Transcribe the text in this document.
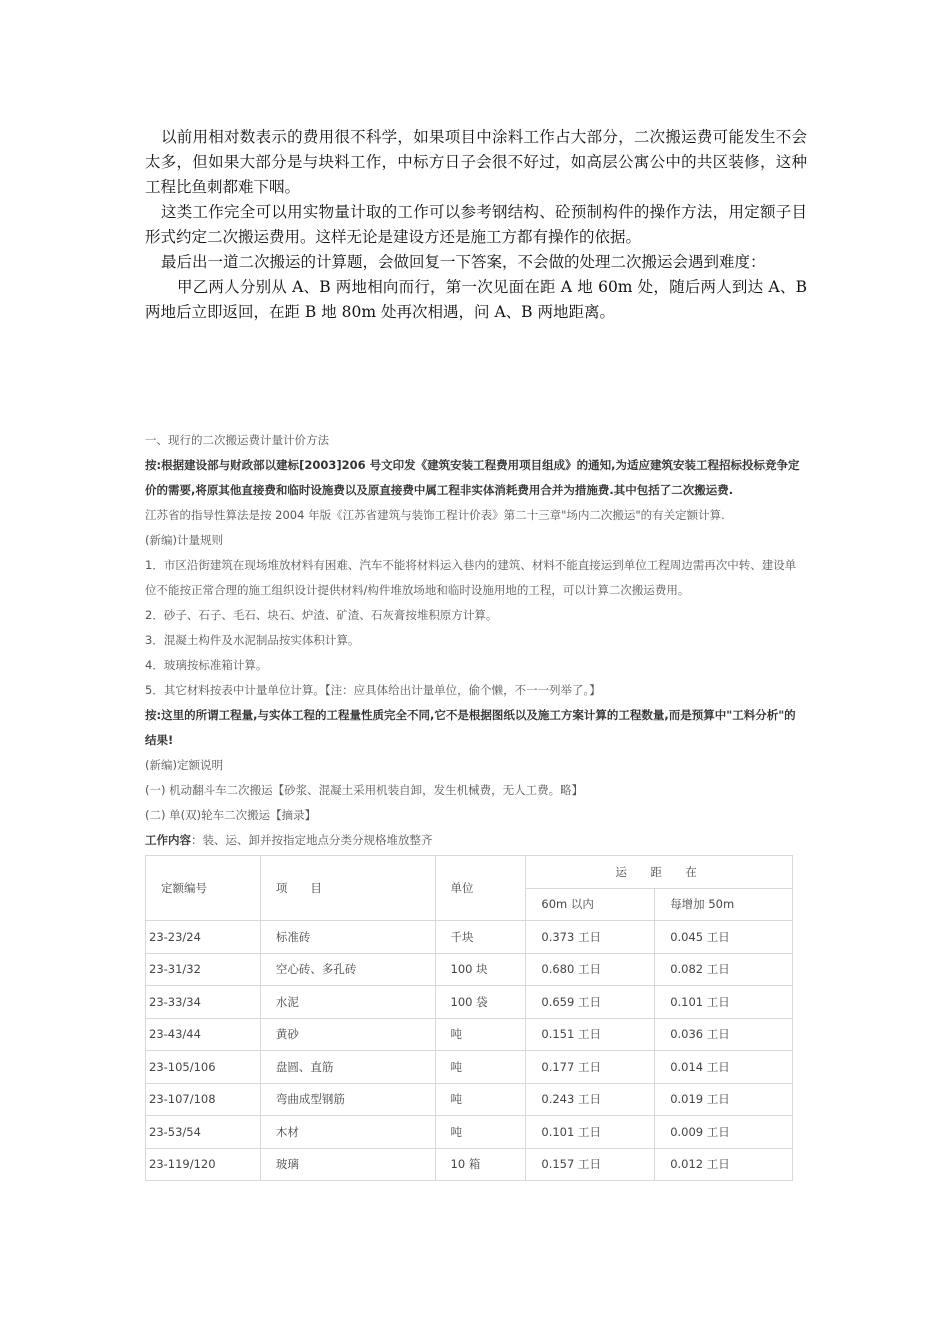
以前用相对数表示的费用很不科学，如果项目中涂料工作占大部分，二次搬运费可能发生不会太多，但如果大部分是与块料工作，中标方日子会很不好过，如高层公寓公中的共区装修，这种工程比鱼刺都难下咽。

这类工作完全可以用实物量计取的工作可以参考钢结构、砼预制构件的操作方法，用定额子目形式约定二次搬运费用。这样无论是建设方还是施工方都有操作的依据。

最后出一道二次搬运的计算题，会做回复一下答案，不会做的处理二次搬运会遇到难度：

甲乙两人分别从 A、B 两地相向而行，第一次见面在距 A 地 60m 处，随后两人到达 A、B 两地后立即返回，在距 B 地 80m 处再次相遇，问 A、B 两地距离。

一、现行的二次搬运费计量计价方法

按:根据建设部与财政部以建标[2003]206 号文印发《建筑安装工程费用项目组成》的通知,为适应建筑安装工程招标投标竞争定价的需要,将原其他直接费和临时设施费以及原直接费中属工程非实体消耗费用合并为措施费.其中包括了二次搬运费.

江苏省的指导性算法是按 2004 年版《江苏省建筑与装饰工程计价表》第二十三章"场内二次搬运"的有关定额计算.

(新编)计量规则

1．市区沿街建筑在现场堆放材料有困难、汽车不能将材料运入巷内的建筑、材料不能直接运到单位工程周边需再次中转、建设单位不能按正常合理的施工组织设计提供材料/构件堆放场地和临时设施用地的工程，可以计算二次搬运费用。

2．砂子、石子、毛石、块石、炉渣、矿渣、石灰膏按堆积原方计算。

3．混凝土构件及水泥制品按实体积计算。

4．玻璃按标准箱计算。

5．其它材料按表中计量单位计算。【注：应具体给出计量单位，偷个懒，不一一列举了。】

按:这里的所谓工程量,与实体工程的工程量性质完全不同,它不是根据图纸以及施工方案计算的工程数量,而是预算中"工料分析"的结果!

(新编)定额说明

(一) 机动翻斗车二次搬运【砂浆、混凝土采用机装自卸，发生机械费，无人工费。略】

(二) 单(双)轮车二次搬运【摘录】

工作内容：装、运、卸并按指定地点分类分规格堆放整齐

定额编号	项　　目	单位	运　距　在	
			60m 以内	每增加 50m
23-23/24	标准砖	千块	0.373 工日	0.045 工日
23-31/32	空心砖、多孔砖	100 块	0.680 工日	0.082 工日
23-33/34	水泥	100 袋	0.659 工日	0.101 工日
23-43/44	黄砂	吨	0.151 工日	0.036 工日
23-105/106	盘圆、直筋	吨	0.177 工日	0.014 工日
23-107/108	弯曲成型钢筋	吨	0.243 工日	0.019 工日
23-53/54	木材	吨	0.101 工日	0.009 工日
23-119/120	玻璃	10 箱	0.157 工日	0.012 工日
